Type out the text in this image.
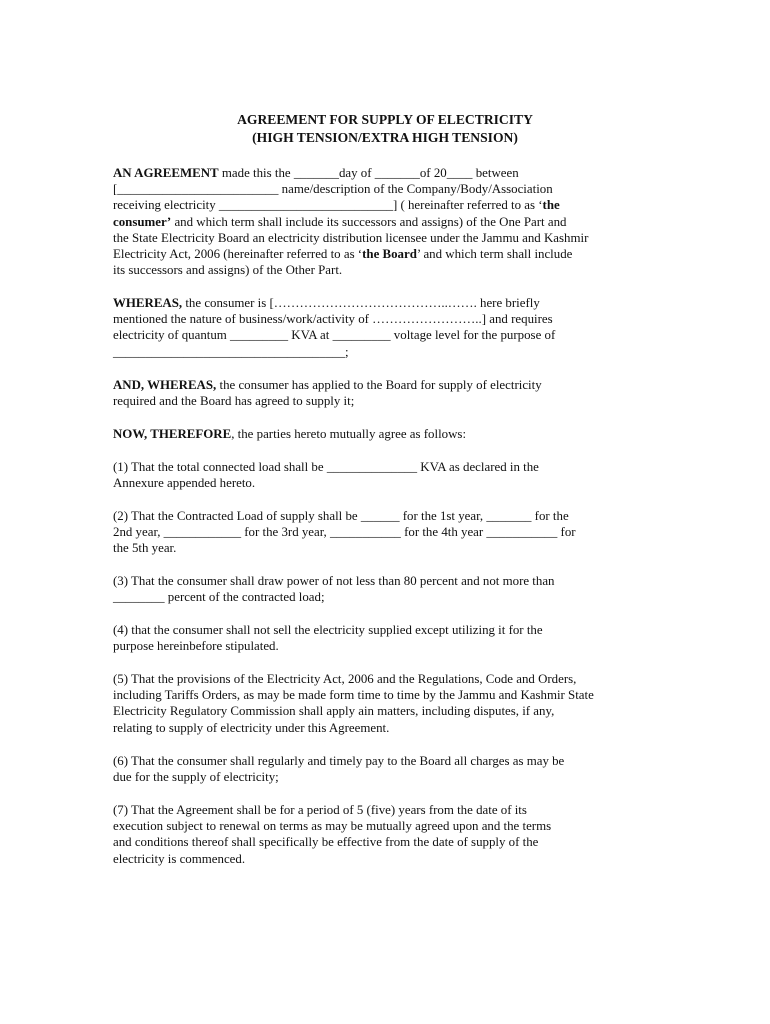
AGREEMENT FOR SUPPLY OF ELECTRICITY
(HIGH TENSION/EXTRA HIGH TENSION)
AN AGREEMENT made this the _______day of _______of 20____ between
[_________________________ name/description of the Company/Body/Association
receiving electricity ___________________________] ( hereinafter referred to as ‘the
consumer’ and which term shall include its successors and assigns) of the One Part and
the State Electricity Board an electricity distribution licensee under the Jammu and Kashmir
Electricity Act, 2006 (hereinafter referred to as ‘the Board’ and which term shall include
its successors and assigns) of the Other Part.
WHEREAS, the consumer is […………………………………..……. here briefly
mentioned the nature of business/work/activity of ……………………..] and requires
electricity of quantum _________ KVA at _________ voltage level for the purpose of
____________________________________;
AND, WHEREAS, the consumer has applied to the Board for supply of electricity
required and the Board has agreed to supply it;
NOW, THEREFORE, the parties hereto mutually agree as follows:
(1) That the total connected load shall be ______________ KVA as declared in the
Annexure appended hereto.
(2) That the Contracted Load of supply shall be ______ for the 1st year, _______ for the
2nd year, ____________ for the 3rd year, ___________ for the 4th year ___________ for
the 5th year.
(3) That the consumer shall draw power of not less than 80 percent and not more than
________ percent of the contracted load;
(4) that the consumer shall not sell the electricity supplied except utilizing it for the
purpose hereinbefore stipulated.
(5) That the provisions of the Electricity Act, 2006 and the Regulations, Code and Orders,
including Tariffs Orders, as may be made form time to time by the Jammu and Kashmir State
Electricity Regulatory Commission shall apply ain matters, including disputes, if any,
relating to supply of electricity under this Agreement.
(6) That the consumer shall regularly and timely pay to the Board all charges as may be
due for the supply of electricity;
(7) That the Agreement shall be for a period of 5 (five) years from the date of its
execution subject to renewal on terms as may be mutually agreed upon and the terms
and conditions thereof shall specifically be effective from the date of supply of the
electricity is commenced.
